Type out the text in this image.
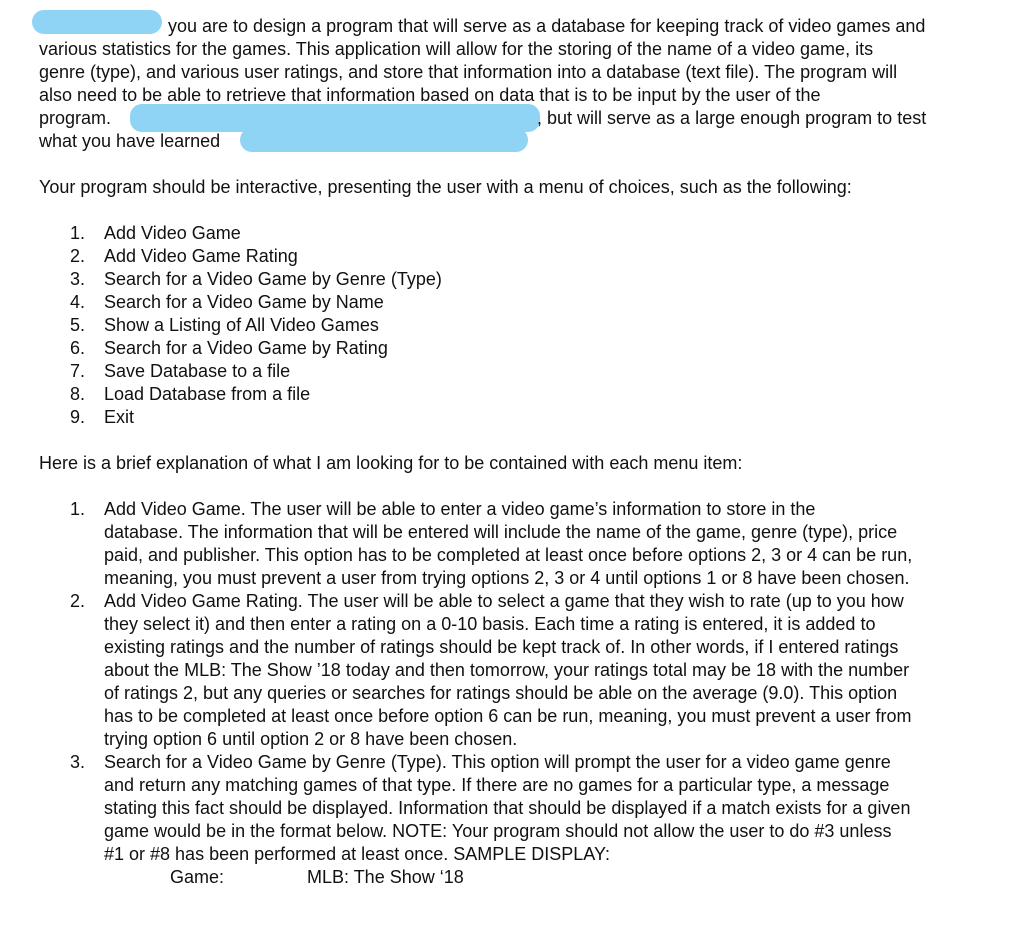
you are to design a program that will serve as a database for keeping track of video games and
various statistics for the games. This application will allow for the storing of the name of a video game, its
genre (type), and various user ratings, and store that information into a database (text file). The program will
also need to be able to retrieve that information based on data that is to be input by the user of the
program.	, but will serve as a large enough program to test
what you have learned
Your program should be interactive, presenting the user with a menu of choices, such as the following:
1. Add Video Game
2. Add Video Game Rating
3. Search for a Video Game by Genre (Type)
4. Search for a Video Game by Name
5. Show a Listing of All Video Games
6. Search for a Video Game by Rating
7. Save Database to a file
8. Load Database from a file
9. Exit
Here is a brief explanation of what I am looking for to be contained with each menu item:
1. Add Video Game. The user will be able to enter a video game’s information to store in the
database. The information that will be entered will include the name of the game, genre (type), price
paid, and publisher. This option has to be completed at least once before options 2, 3 or 4 can be run,
meaning, you must prevent a user from trying options 2, 3 or 4 until options 1 or 8 have been chosen.
2. Add Video Game Rating. The user will be able to select a game that they wish to rate (up to you how
they select it) and then enter a rating on a 0-10 basis. Each time a rating is entered, it is added to
existing ratings and the number of ratings should be kept track of. In other words, if I entered ratings
about the MLB: The Show ’18 today and then tomorrow, your ratings total may be 18 with the number
of ratings 2, but any queries or searches for ratings should be able on the average (9.0). This option
has to be completed at least once before option 6 can be run, meaning, you must prevent a user from
trying option 6 until option 2 or 8 have been chosen.
3. Search for a Video Game by Genre (Type). This option will prompt the user for a video game genre
and return any matching games of that type. If there are no games for a particular type, a message
stating this fact should be displayed. Information that should be displayed if a match exists for a given
game would be in the format below. NOTE: Your program should not allow the user to do #3 unless
#1 or #8 has been performed at least once. SAMPLE DISPLAY:
Game:	MLB: The Show ‘18
